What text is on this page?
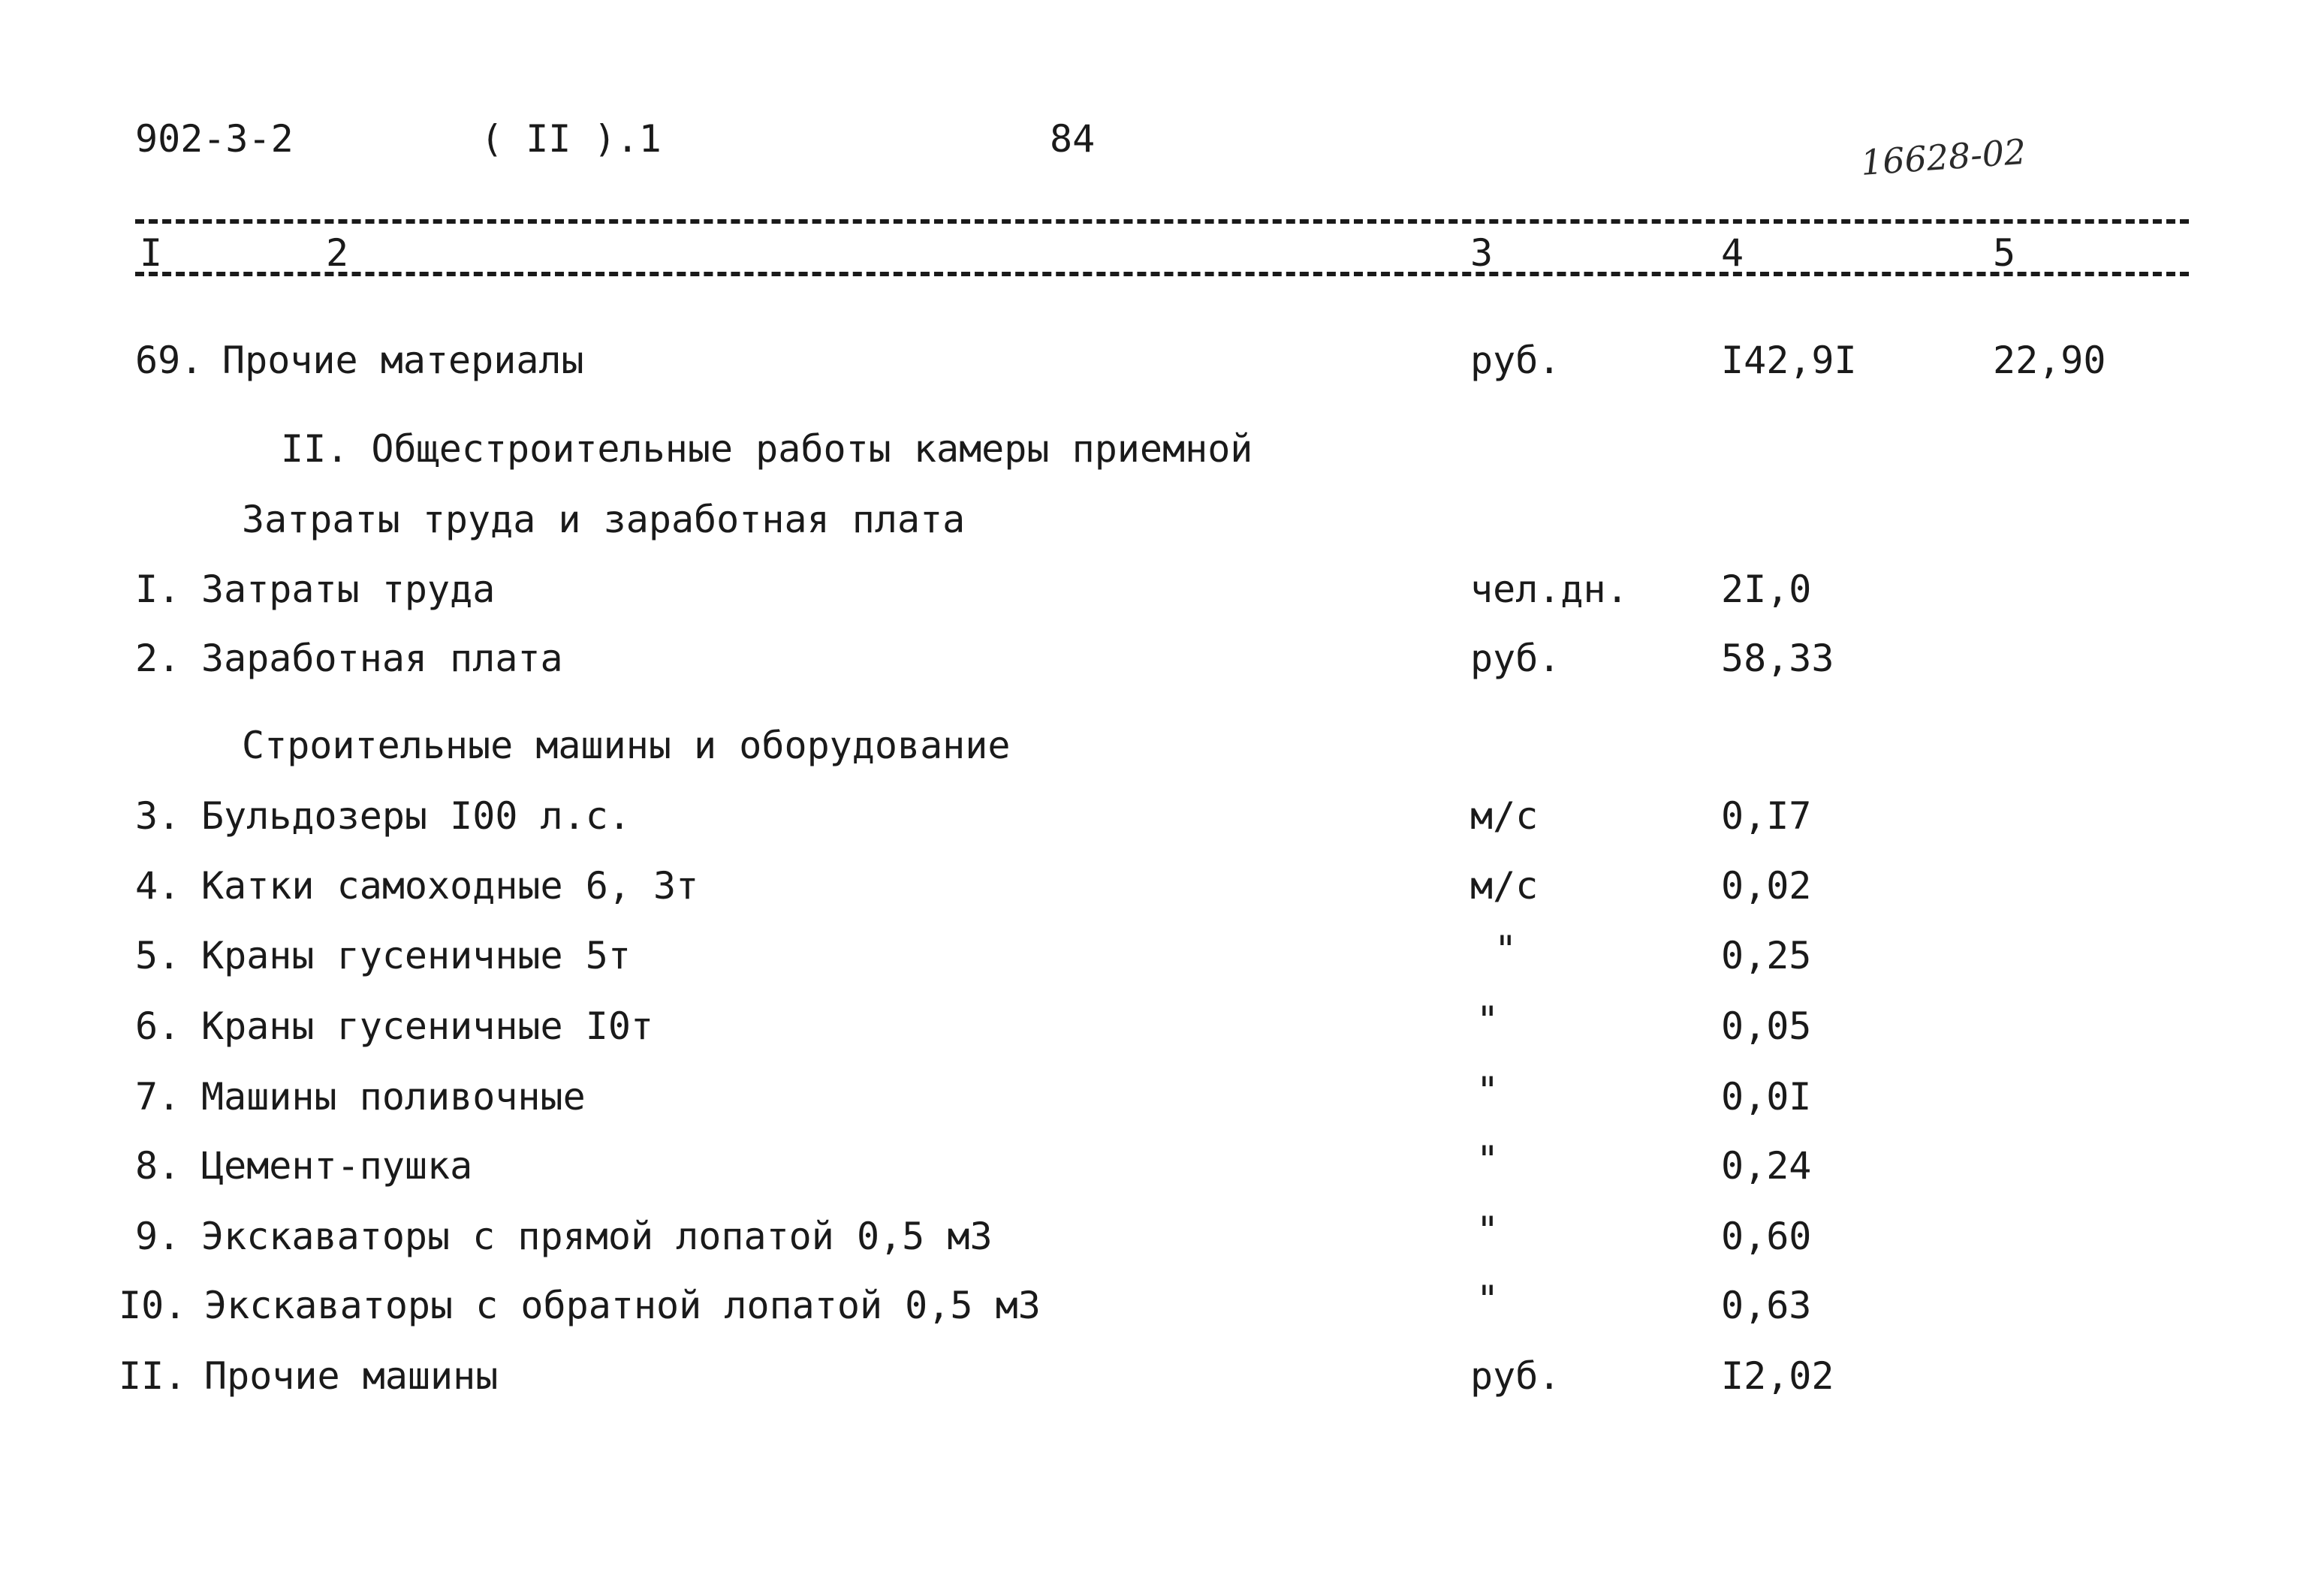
902-3-2	( II ).1	84	16628-02
I	2	3	4	5
69. Прочие материалы	руб.	I42,9I	22,90
II. Общестроительные работы камеры приемной
Затраты труда и заработная плата
I. Затраты труда	чел.дн. 2I,0
2. Заработная плата	руб.	58,33
Строительные машины и оборудование
3. Бульдозеры I00 л.с.	м/с	0,I7
4. Катки самоходные 6, 3т	м/с	0,02
5. Краны гусеничные 5т	"	0,25
6. Краны гусеничные I0т	"	0,05
7. Машины поливочные	"	0,0I
8. Цемент-пушка	"	0,24
9. Экскаваторы с прямой лопатой 0,5 м3	"	0,60
I0. Экскаваторы с обратной лопатой 0,5 м3	"	0,63
II. Прочие машины	руб.	I2,02
